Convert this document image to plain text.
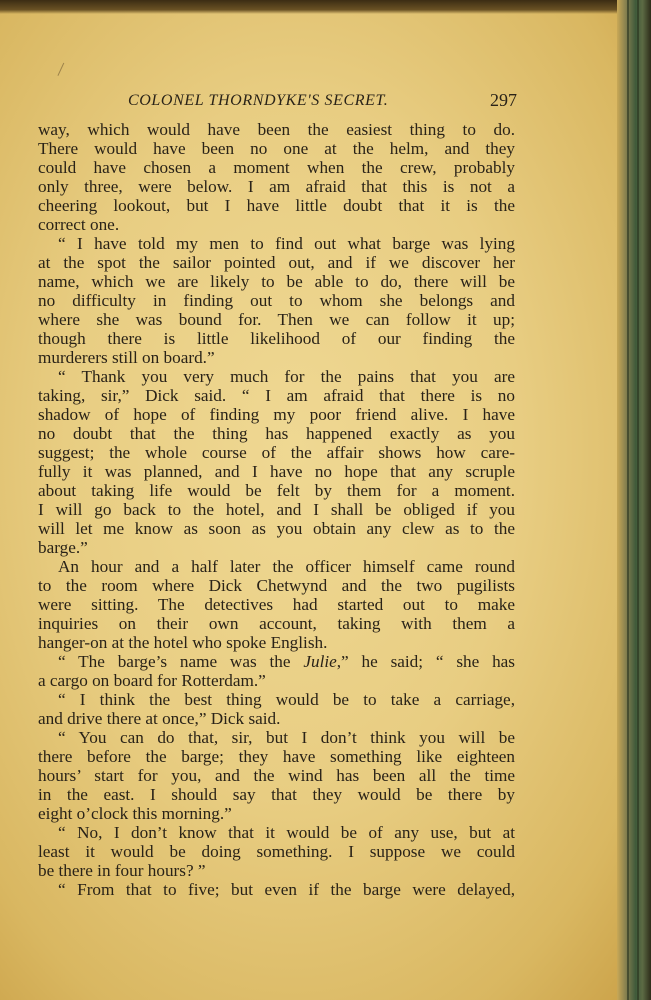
COLONEL THORNDYKE'S SECRET.	297
way, which would have been the easiest thing to do.
There would have been no one at the helm, and they
could have chosen a moment when the crew, probably
only three, were below. I am afraid that this is not a
cheering lookout, but I have little doubt that it is the
correct one.
“ I have told my men to find out what barge was lying
at the spot the sailor pointed out, and if we discover her
name, which we are likely to be able to do, there will be
no difficulty in finding out to whom she belongs and
where she was bound for. Then we can follow it up;
though there is little likelihood of our finding the
murderers still on board.”
“ Thank you very much for the pains that you are
taking, sir,” Dick said. “ I am afraid that there is no
shadow of hope of finding my poor friend alive. I have
no doubt that the thing has happened exactly as you
suggest; the whole course of the affair shows how care-
fully it was planned, and I have no hope that any scruple
about taking life would be felt by them for a moment.
I will go back to the hotel, and I shall be obliged if you
will let me know as soon as you obtain any clew as to the
barge.”
An hour and a half later the officer himself came round
to the room where Dick Chetwynd and the two pugilists
were sitting. The detectives had started out to make
inquiries on their own account, taking with them a
hanger-on at the hotel who spoke English.
“ The barge’s name was the Julie,” he said; “ she has
a cargo on board for Rotterdam.”
“ I think the best thing would be to take a carriage,
and drive there at once,” Dick said.
“ You can do that, sir, but I don’t think you will be
there before the barge; they have something like eighteen
hours’ start for you, and the wind has been all the time
in the east. I should say that they would be there by
eight o’clock this morning.”
“ No, I don’t know that it would be of any use, but at
least it would be doing something. I suppose we could
be there in four hours? ”
“ From that to five; but even if the barge were delayed,
